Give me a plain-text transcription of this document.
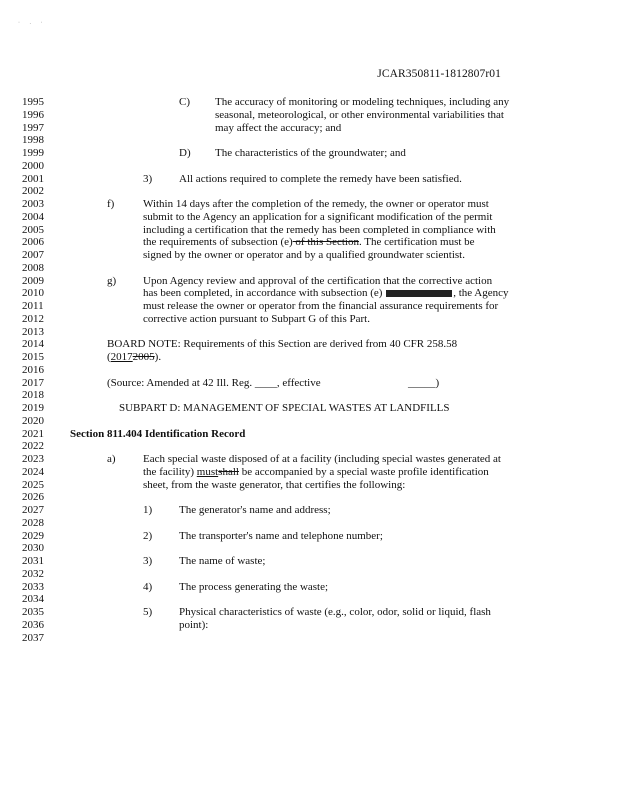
· . ·
JCAR350811-1812807r01
1995
1996
1997
1998
1999
2000
2001
2002
2003
2004
2005
2006
2007
2008
2009
2010
2011
2012
2013
2014
2015
2016
2017
2018
2019
2020
2021
2022
2023
2024
2025
2026
2027
2028
2029
2030
2031
2032
2033
2034
2035
2036
2037
C) The accuracy of monitoring or modeling techniques, including any
seasonal, meteorological, or other environmental variabilities that
may affect the accuracy; and
D) The characteristics of the groundwater; and
3) All actions required to complete the remedy have been satisfied.
f)	Within 14 days after the completion of the remedy, the owner or operator must
submit to the Agency an application for a significant modification of the permit
including a certification that the remedy has been completed in compliance with
the requirements of subsection (e) of this Section. The certification must be
signed by the owner or operator and by a qualified groundwater scientist.
g) Upon Agency review and approval of the certification that the corrective action
has been completed, in accordance with subsection (e)	, the Agency
must release the owner or operator from the financial assurance requirements for
corrective action pursuant to Subpart G of this Part.
BOARD NOTE: Requirements of this Section are derived from 40 CFR 258.58
(20172005).
(Source: Amended at 42 Ill. Reg. ____, effective	_____)
SUBPART D: MANAGEMENT OF SPECIAL WASTES AT LANDFILLS
Section 811.404 Identification Record
a) Each special waste disposed of at a facility (including special wastes generated at
the facility) mustshall be accompanied by a special waste profile identification
sheet, from the waste generator, that certifies the following:
1) The generator's name and address;
2) The transporter's name and telephone number;
3) The name of waste;
4) The process generating the waste;
5) Physical characteristics of waste (e.g., color, odor, solid or liquid, flash
point):
